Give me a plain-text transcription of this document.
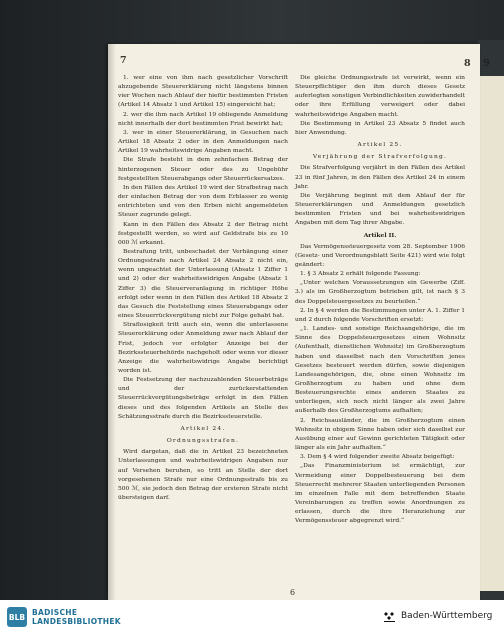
9
7	8

1. wer eine von ihm nach gesetzlicher Vorschrift abzugebende Steuererklärung nicht längstens binnen vier Wochen nach Ablauf der hiefür bestimmten Fristen (Artikel 14 Absatz 1 und Artikel 15) eingereicht hat;

2. wer die ihm nach Artikel 19 obliegende Anmeldung nicht innerhalb der dort bestimmten Frist bewirkt hat;

3. wer in einer Steuererklärung, in Gesuchen nach Artikel 18 Absatz 2 oder in den Anmeldungen nach Artikel 19 wahrheitswidrige Angaben macht.

Die Strafe besteht in dem zehnfachen Betrag der hinterzogenen Steuer oder des zu Ungebühr festgestellten Steuerabgangs oder Steuerrückersatzes.

In den Fällen des Artikel 19 wird der Strafbetrag nach der einfachen Betrag der von dem Erblasser zu wenig entrichteten und von den Erben nicht angemeldeten Steuer zugrunde gelegt.

Kann in den Fällen des Absatz 2 der Betrag nicht festgestellt werden, so wird auf Geldstrafe bis zu 10 000 ℳ erkannt.

Bestrafung tritt, unbeschadet der Verhängung einer Ordnungsstrafe nach Artikel 24 Absatz 2 nicht ein, wenn ungeachtet der Unterlassung (Absatz 1 Ziffer 1 und 2) oder der wahrheitswidrigen Angabe (Absatz 1 Ziffer 3) die Steuerveranlagung in richtiger Höhe erfolgt oder wenn in den Fällen des Artikel 18 Absatz 2 das Gesuch die Feststellung eines Steuerabgangs oder eines Steuerrückvergütung nicht zur Folge gehabt hat.

Straflosigkeit tritt auch ein, wenn die unterlassene Steuererklärung oder Anmeldung zwar nach Ablauf der Frist, jedoch vor erfolgter Anzeige bei der Bezirkssteuerbehörde nachgeholt oder wenn vor dieser Anzeige die wahrheitswidrige Angabe berichtigt worden ist.

Die Festsetzung der nachzuzahlenden Steuerbeträge und der zurückerstattenden Steuerrückvergütungsbeträge erfolgt in den Fällen dieses und des folgenden Artikels an Stelle des Schätzungsstrafe durch die Bezirkssteuerstelle.

Artikel 24.

Ordnungsstrafen.

Wird dargetan, daß die in Artikel 23 bezeichneten Unterlassungen und wahrheitswidrigen Angaben nur auf Versehen beruhen, so tritt an Stelle der dort vorgesehenen Strafe nur eine Ordnungsstrafe bis zu 500 ℳ, sie jedoch den Betrag der ersteren Strafe nicht übersteigen darf.

Die gleiche Ordnungsstrafe ist verwirkt, wenn ein Steuerpflichtiger den ihm durch dieses Gesetz auferlegten sonstigen Verbindlichkeiten zuwiderhandelt oder ihre Erfüllung verweigert oder dabei wahrheitswidrige Angaben macht.

Die Bestimmung in Artikel 23 Absatz 5 findet auch hier Anwendung.

Artikel 25.

Verjährung der Strafverfolgung.

Die Strafverfolgung verjährt in den Fällen des Artikel 23 in fünf Jahren, in den Fällen des Artikel 24 in einem Jahr.

Die Verjährung beginnt mit dem Ablauf der für Steuererklärungen und Anmeldungen gesetzlich bestimmten Fristen und bei wahrheitswidrigen Angaben mit dem Tag ihrer Abgabe.

Artikel II.

Das Vermögenssteuergesetz vom 28. September 1906 (Gesetz- und Verordnungsblatt Seite 421) wird wie folgt geändert:

1. § 3 Absatz 2 erhält folgende Fassung:

„Unter welchen Voraussetzungen ein Gewerbe (Ziff. 3.) als im Großherzogtum betrieben gilt, ist nach § 3 des Doppelsteuergesetzes zu beurteilen.“

2. In § 4 werden die Bestimmungen unter A. 1. Ziffer 1 und 2 durch folgende Vorschriften ersetzt:

„1. Landes- und sonstige Reichsangehörige, die im Sinne des Doppelsteuergesetzes einen Wohnsitz (Aufenthalt, dienstlichen Wohnsitz) im Großherzogtum haben und dasselbst nach den Vorschriften jenes Gesetzes besteuert werden dürfen, sowie diejenigen Landesangehörigen, die, ohne einen Wohnsitz im Großherzogtum zu haben und ohne dem Besteuerungsrechte eines anderen Staates zu unterliegen, sich noch nicht länger als zwei Jahre außerhalb des Großherzogtums aufhalten;

2. Reichsausländer, die im Großherzogtum einen Wohnsitz in obigem Sinne haben oder sich daselbst zur Ausübung einer auf Gewinn gerichteten Tätigkeit oder länger als ein Jahr aufhalten.“

3. Dem § 4 wird folgender zweite Absatz beigefügt:

„Das Finanzministerium ist ermächtigt, zur Vermeidung einer Doppelbesteuerung bei dem Steuerrecht mehrerer Staaten unterliegenden Personen im einzelnen Falle mit dem betreffenden Staate Vereinbarungen zu treffen sowie Anordnungen zu erlassen, durch die ihre Heranziehung zur Vermögenssteuer abgegrenzt wird.“

6
BLB BADISCHE
LANDESBIBLIOTHEK
Baden-Württemberg
